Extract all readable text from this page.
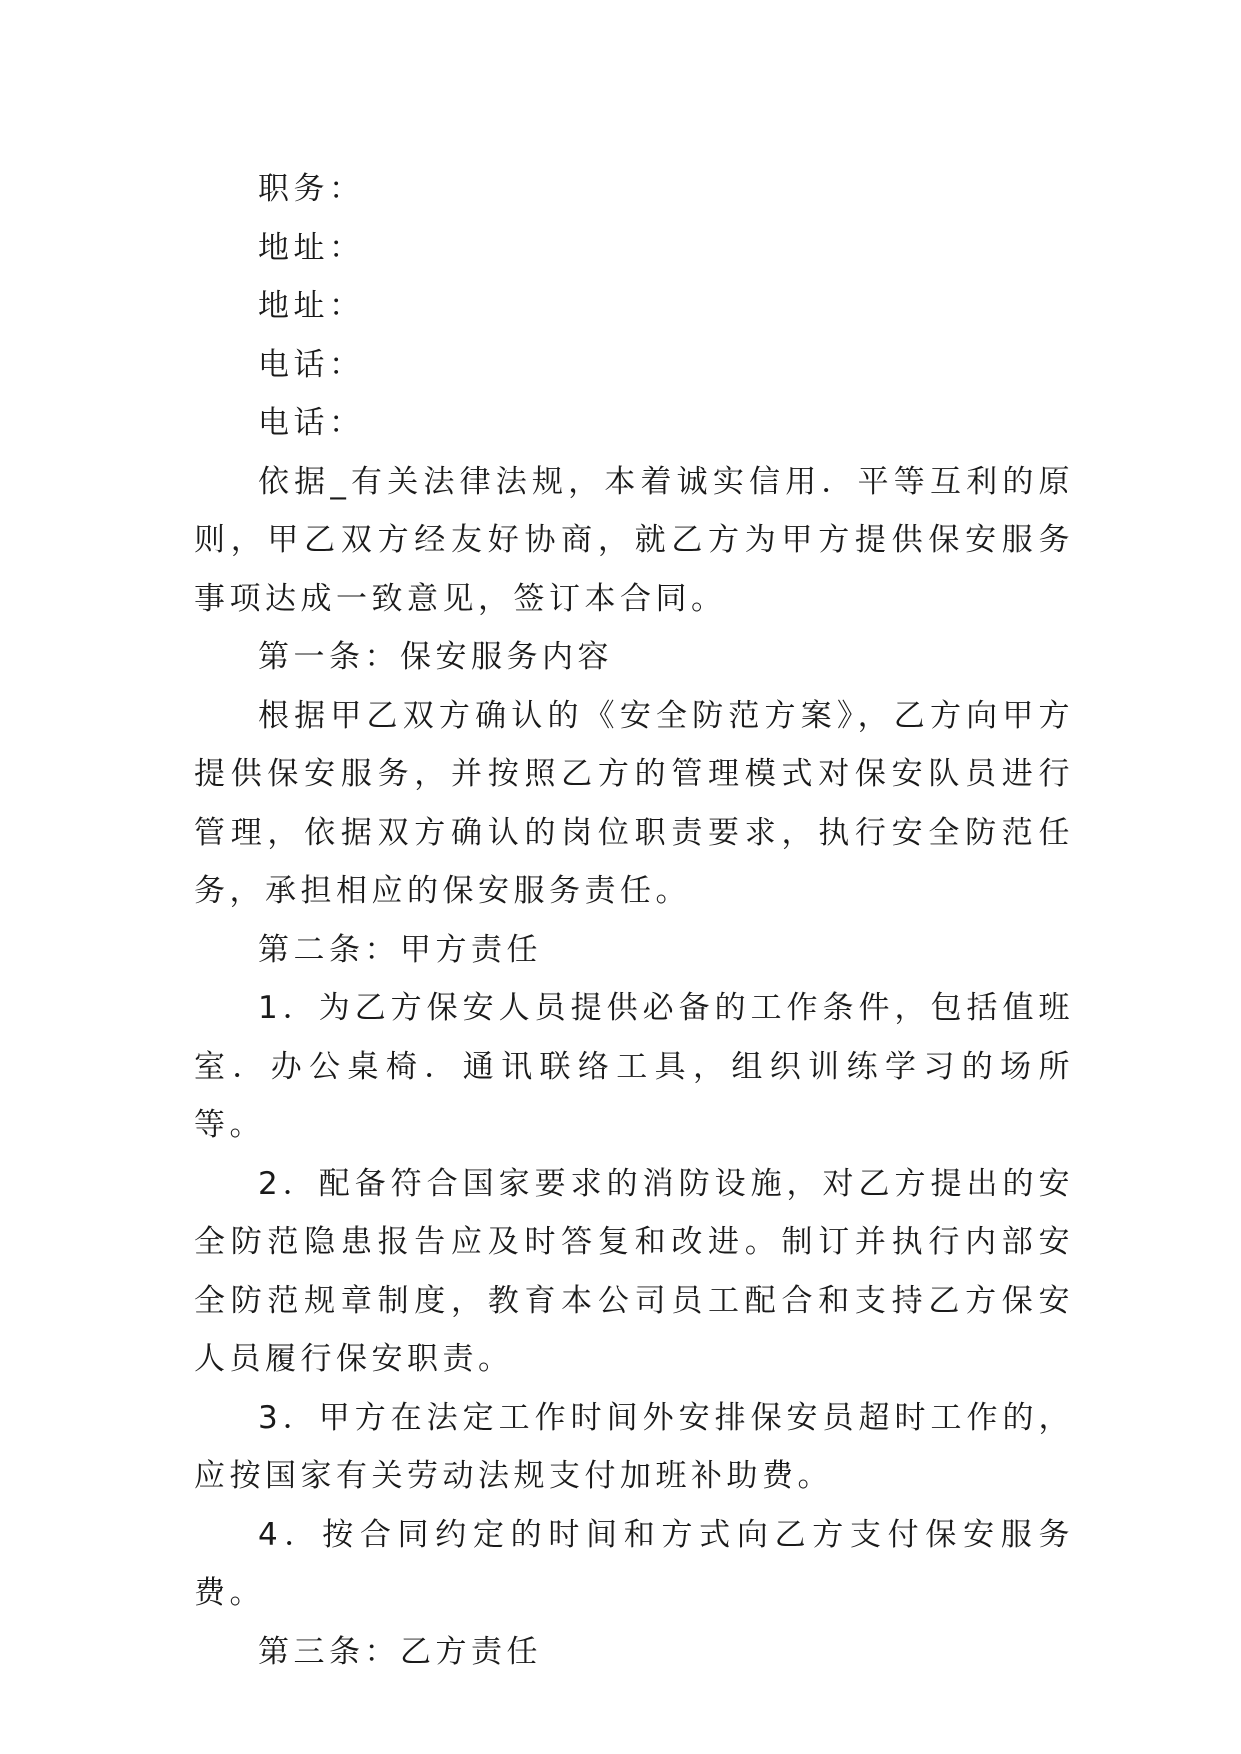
职务：

地址：

地址：

电话：

电话：

依据_有关法律法规，本着诚实信用．平等互利的原则，甲乙双方经友好协商，就乙方为甲方提供保安服务事项达成一致意见，签订本合同。

第一条：保安服务内容

根据甲乙双方确认的《安全防范方案》，乙方向甲方提供保安服务，并按照乙方的管理模式对保安队员进行管理，依据双方确认的岗位职责要求，执行安全防范任务，承担相应的保安服务责任。

第二条：甲方责任

1．为乙方保安人员提供必备的工作条件，包括值班室．办公桌椅．通讯联络工具，组织训练学习的场所等。

2．配备符合国家要求的消防设施，对乙方提出的安全防范隐患报告应及时答复和改进。制订并执行内部安全防范规章制度，教育本公司员工配合和支持乙方保安人员履行保安职责。

3．甲方在法定工作时间外安排保安员超时工作的，应按国家有关劳动法规支付加班补助费。

4．按合同约定的时间和方式向乙方支付保安服务费。

第三条：乙方责任
